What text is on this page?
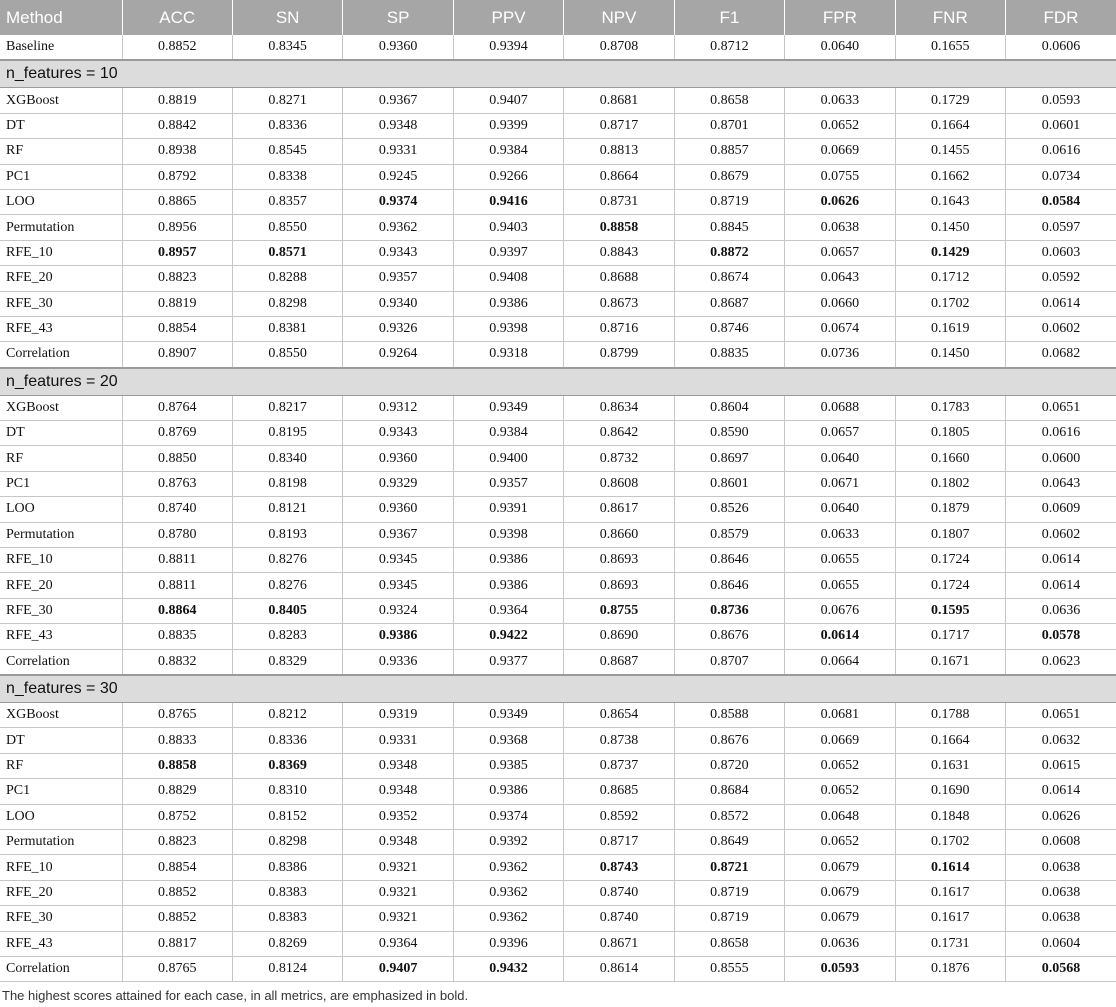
Method	ACC	SN	SP	PPV	NPV	F1	FPR	FNR	FDR
Baseline	0.8852	0.8345	0.9360	0.9394	0.8708	0.8712	0.0640	0.1655	0.0606
n_features = 10									
XGBoost	0.8819	0.8271	0.9367	0.9407	0.8681	0.8658	0.0633	0.1729	0.0593
DT	0.8842	0.8336	0.9348	0.9399	0.8717	0.8701	0.0652	0.1664	0.0601
RF	0.8938	0.8545	0.9331	0.9384	0.8813	0.8857	0.0669	0.1455	0.0616
PC1	0.8792	0.8338	0.9245	0.9266	0.8664	0.8679	0.0755	0.1662	0.0734
LOO	0.8865	0.8357	0.9374	0.9416	0.8731	0.8719	0.0626	0.1643	0.0584
Permutation	0.8956	0.8550	0.9362	0.9403	0.8858	0.8845	0.0638	0.1450	0.0597
RFE_10	0.8957	0.8571	0.9343	0.9397	0.8843	0.8872	0.0657	0.1429	0.0603
RFE_20	0.8823	0.8288	0.9357	0.9408	0.8688	0.8674	0.0643	0.1712	0.0592
RFE_30	0.8819	0.8298	0.9340	0.9386	0.8673	0.8687	0.0660	0.1702	0.0614
RFE_43	0.8854	0.8381	0.9326	0.9398	0.8716	0.8746	0.0674	0.1619	0.0602
Correlation	0.8907	0.8550	0.9264	0.9318	0.8799	0.8835	0.0736	0.1450	0.0682
n_features = 20									
XGBoost	0.8764	0.8217	0.9312	0.9349	0.8634	0.8604	0.0688	0.1783	0.0651
DT	0.8769	0.8195	0.9343	0.9384	0.8642	0.8590	0.0657	0.1805	0.0616
RF	0.8850	0.8340	0.9360	0.9400	0.8732	0.8697	0.0640	0.1660	0.0600
PC1	0.8763	0.8198	0.9329	0.9357	0.8608	0.8601	0.0671	0.1802	0.0643
LOO	0.8740	0.8121	0.9360	0.9391	0.8617	0.8526	0.0640	0.1879	0.0609
Permutation	0.8780	0.8193	0.9367	0.9398	0.8660	0.8579	0.0633	0.1807	0.0602
RFE_10	0.8811	0.8276	0.9345	0.9386	0.8693	0.8646	0.0655	0.1724	0.0614
RFE_20	0.8811	0.8276	0.9345	0.9386	0.8693	0.8646	0.0655	0.1724	0.0614
RFE_30	0.8864	0.8405	0.9324	0.9364	0.8755	0.8736	0.0676	0.1595	0.0636
RFE_43	0.8835	0.8283	0.9386	0.9422	0.8690	0.8676	0.0614	0.1717	0.0578
Correlation	0.8832	0.8329	0.9336	0.9377	0.8687	0.8707	0.0664	0.1671	0.0623
n_features = 30									
XGBoost	0.8765	0.8212	0.9319	0.9349	0.8654	0.8588	0.0681	0.1788	0.0651
DT	0.8833	0.8336	0.9331	0.9368	0.8738	0.8676	0.0669	0.1664	0.0632
RF	0.8858	0.8369	0.9348	0.9385	0.8737	0.8720	0.0652	0.1631	0.0615
PC1	0.8829	0.8310	0.9348	0.9386	0.8685	0.8684	0.0652	0.1690	0.0614
LOO	0.8752	0.8152	0.9352	0.9374	0.8592	0.8572	0.0648	0.1848	0.0626
Permutation	0.8823	0.8298	0.9348	0.9392	0.8717	0.8649	0.0652	0.1702	0.0608
RFE_10	0.8854	0.8386	0.9321	0.9362	0.8743	0.8721	0.0679	0.1614	0.0638
RFE_20	0.8852	0.8383	0.9321	0.9362	0.8740	0.8719	0.0679	0.1617	0.0638
RFE_30	0.8852	0.8383	0.9321	0.9362	0.8740	0.8719	0.0679	0.1617	0.0638
RFE_43	0.8817	0.8269	0.9364	0.9396	0.8671	0.8658	0.0636	0.1731	0.0604
Correlation	0.8765	0.8124	0.9407	0.9432	0.8614	0.8555	0.0593	0.1876	0.0568
The highest scores attained for each case, in all metrics, are emphasized in bold.
